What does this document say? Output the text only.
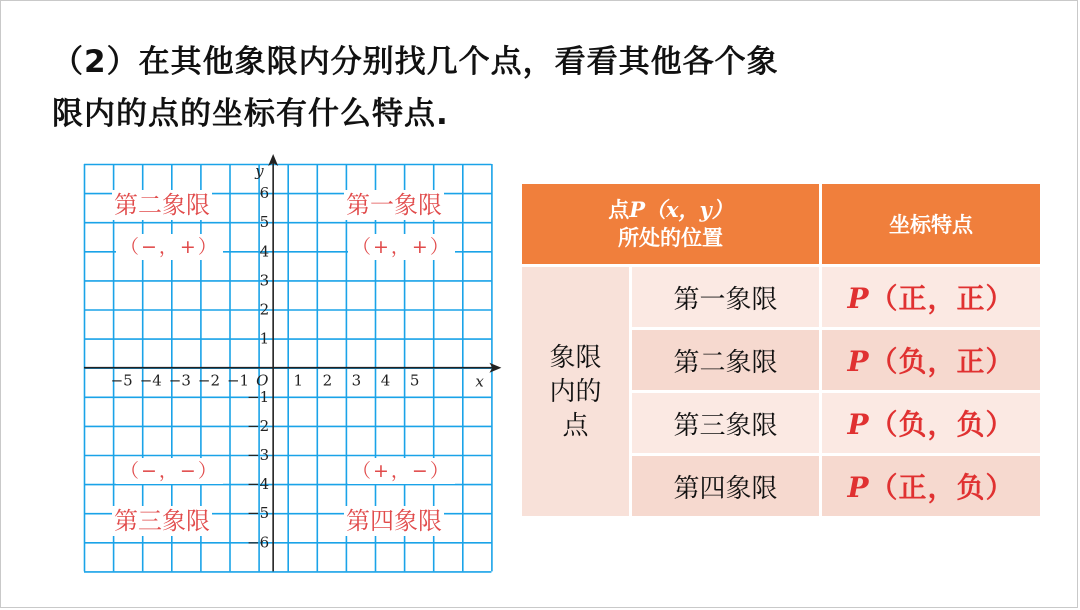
（2）在其他象限内分别找几个点，看看其他各个象
限内的点的坐标有什么特点.
x
y
O
−5 −4 −3 −2 −1	1 2 3 4 5
6
5
4
3
2
1
−1
−2
−3
−4
−5
−6
第二象限	第一象限
第三象限	第四象限
（−，+）	（+，+）
（−，−）	（+，−）
点P（x，y）
所处的位置		坐标特点

象限
内的
点	第一象限	P（正，正）
	第二象限	P（负，正）
	第三象限	P（负，负）
	第四象限	P（正，负）
